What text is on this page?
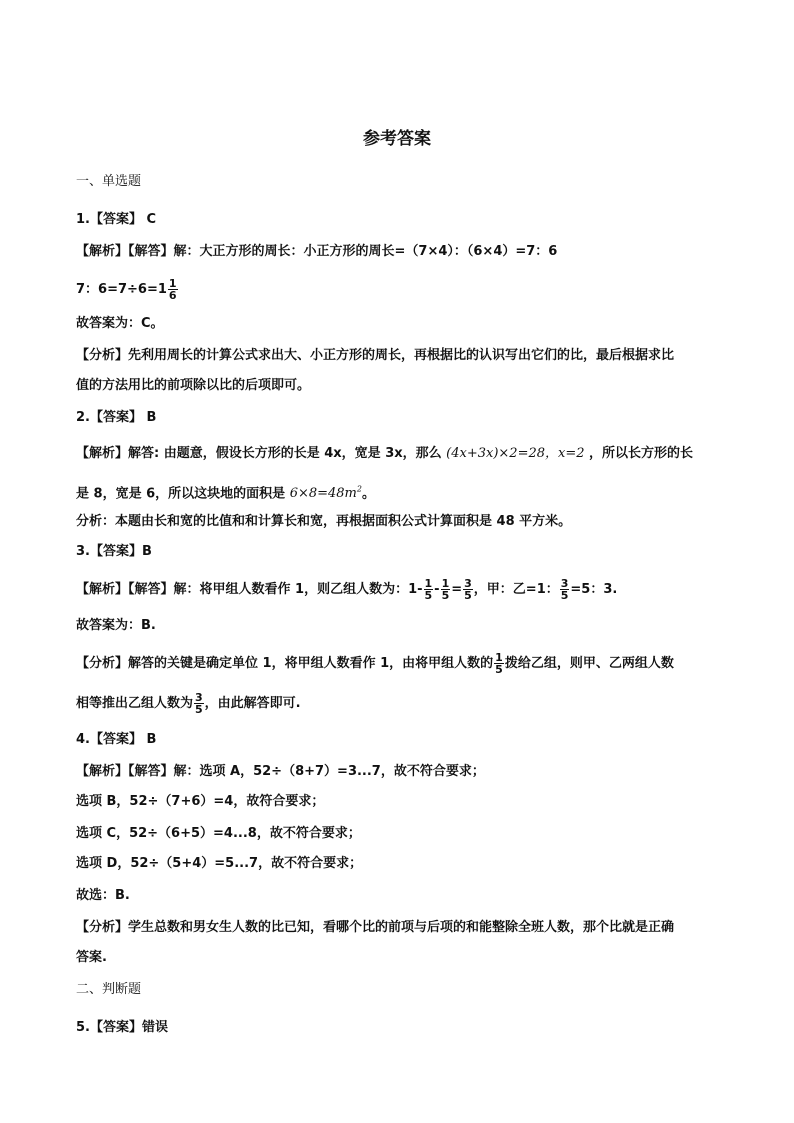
参考答案
一、单选题
1.【答案】 C
【解析】【解答】解：大正方形的周长：小正方形的周长=（7×4）：（6×4）=7：6
7：$6=7\div 6=1 \frac{1}{6}$
故答案为：C。
【分析】先利用周长的计算公式求出大、小正方形的周长，再根据比的认识写出它们的比，最后根据求比
值的方法用比的前项除以比的后项即可。
2.【答案】 B
【解析】解答: 由题意，假设长方形的长是 4x，宽是 3x，那么 (4x+3x)×2=28，x=2 ，所以长方形的长
是 8，宽是 6，所以这块地的面积是 $6\times 8=48m^2$。
分析：本题由长和宽的比值和和计算长和宽，再根据面积公式计算面积是 48 平方米。
3.【答案】B
【解析】【解答】解：将甲组人数看作 1，则乙组人数为：$1- \frac{1}{5} - \frac{1}{5} = \frac{3}{5}$ ，甲：乙=1： $\frac{3}{5} =5$：3.
故答案为：B.
【分析】解答的关键是确定单位 1，将甲组人数看作 1，由将甲组人数的 $\frac{1}{5}$ 拨给乙组，则甲、乙两组人数
相等推出乙组人数为 $\frac{3}{5}$ ，由此解答即可.
4.【答案】 B
【解析】【解答】解：选项 A，52÷（8+7）=3...7，故不符合要求；
选项 B，52÷（7+6）=4，故符合要求；
选项 C，52÷（6+5）=4...8，故不符合要求；
选项 D，52÷（5+4）=5...7，故不符合要求；
故选：B.
【分析】学生总数和男女生人数的比已知，看哪个比的前项与后项的和能整除全班人数，那个比就是正确
答案.
二、判断题
5.【答案】错误
